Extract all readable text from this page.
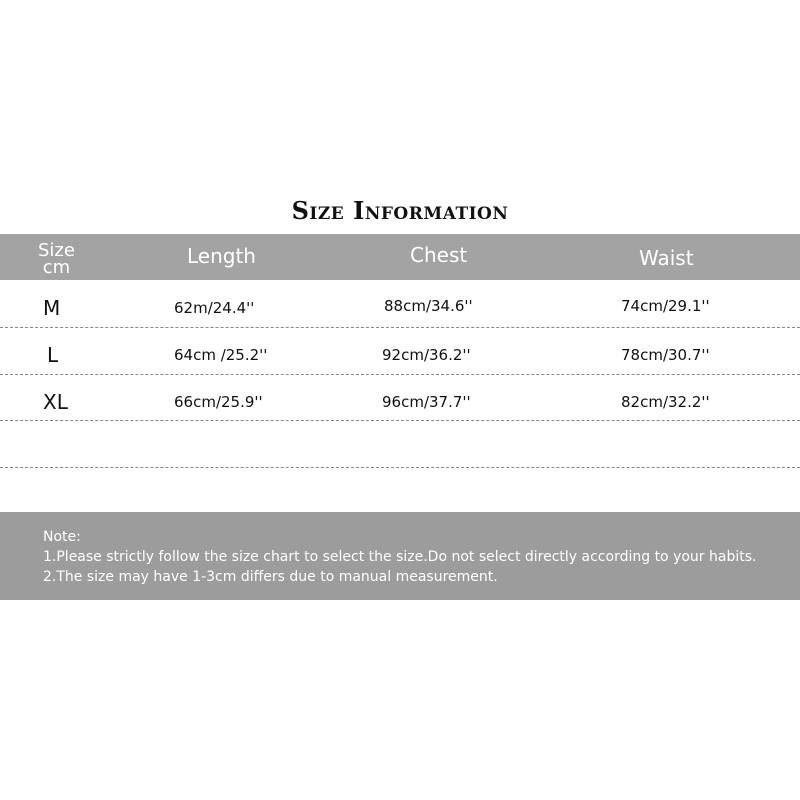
Size Information
Size
cm	Length	Chest	Waist
M	62m/24.4''	88cm/34.6''	74cm/29.1''
L	64cm /25.2''	92cm/36.2''	78cm/30.7''
XL	66cm/25.9''	96cm/37.7''	82cm/32.2''
Note:
1.Please strictly follow the size chart to select the size.Do not select directly according to your habits.
2.The size may have 1-3cm differs due to manual measurement.
